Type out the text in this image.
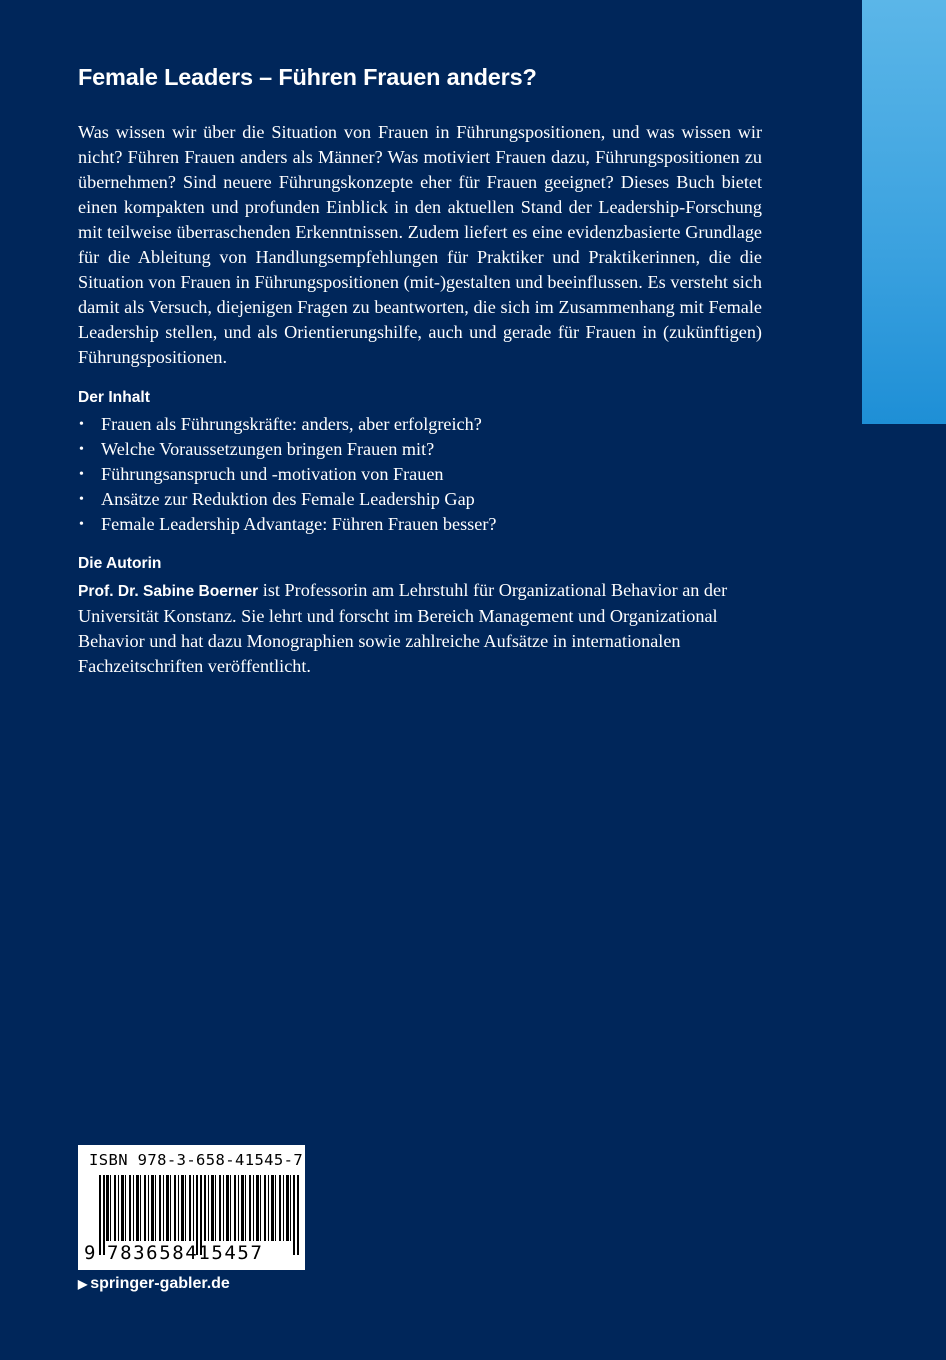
Female Leaders – Führen Frauen anders?

Was wissen wir über die Situation von Frauen in Führungspositionen, und was wissen wir nicht? Führen Frauen anders als Männer? Was motiviert Frauen dazu, Führungspositionen zu übernehmen? Sind neuere Führungskonzepte eher für Frauen geeignet? Dieses Buch bietet einen kompakten und profunden Einblick in den aktuellen Stand der Leadership-Forschung mit teilweise überraschenden Erkenntnissen. Zudem liefert es eine evidenzbasierte Grundlage für die Ableitung von Handlungsempfehlungen für Praktiker und Praktikerinnen, die die Situation von Frauen in Führungspositionen (mit-)gestalten und beeinflussen. Es versteht sich damit als Versuch, diejenigen Fragen zu beantworten, die sich im Zusammenhang mit Female Leadership stellen, und als Orientierungshilfe, auch und gerade für Frauen in (zukünftigen) Führungspositionen.

Der Inhalt
• Frauen als Führungskräfte: anders, aber erfolgreich?
• Welche Voraussetzungen bringen Frauen mit?
• Führungsanspruch und -motivation von Frauen
• Ansätze zur Reduktion des Female Leadership Gap
• Female Leadership Advantage: Führen Frauen besser?
Die Autorin

Prof. Dr. Sabine Boerner ist Professorin am Lehrstuhl für Organizational Behavior an der Universität Konstanz. Sie lehrt und forscht im Bereich Management und Organizational Behavior und hat dazu Monographien sowie zahlreiche Aufsätze in internationalen Fachzeitschriften veröffentlicht.

ISBN 978-3-658-41545-7
9 783658415457
▶ springer-gabler.de
